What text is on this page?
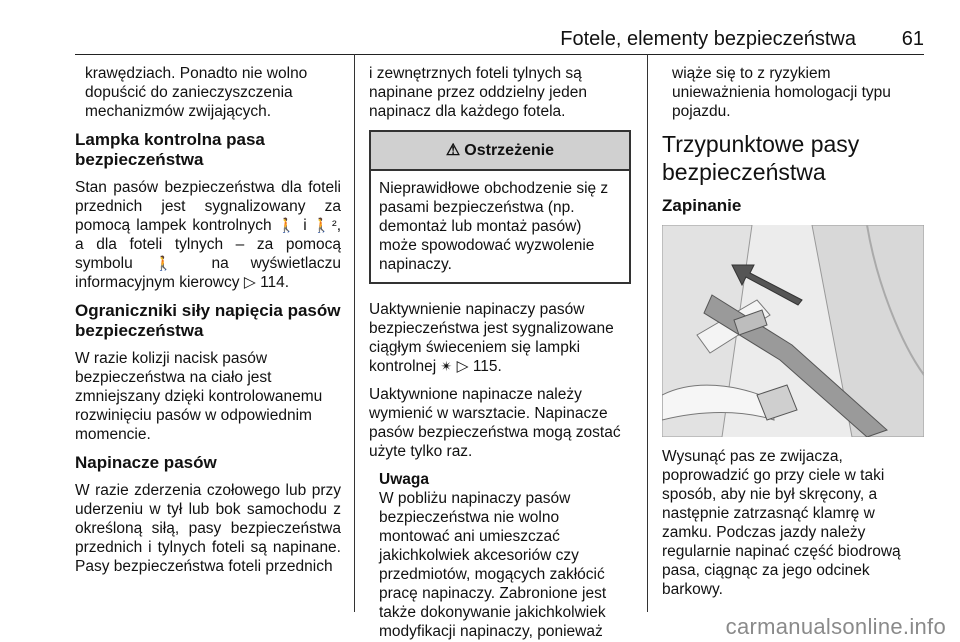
Fotele, elementy bezpieczeństwa 61

krawędziach. Ponadto nie wolno dopuścić do zanieczyszczenia mechanizmów zwijających.

Lampka kontrolna pasa bezpieczeństwa

Stan pasów bezpieczeństwa dla foteli przednich jest sygnalizowany za pomocą lampek kontrolnych 🚶 i 🚶², a dla foteli tylnych – za pomocą symbolu 🚶 na wyświetlaczu informacyjnym kierowcy ▷ 114.

Ograniczniki siły napięcia pasów bezpieczeństwa

W razie kolizji nacisk pasów bezpieczeństwa na ciało jest zmniejszany dzięki kontrolowanemu rozwinięciu pasów w odpowiednim momencie.

Napinacze pasów

W razie zderzenia czołowego lub przy uderzeniu w tył lub bok samochodu z określoną siłą, pasy bezpieczeństwa przednich i tylnych foteli są napinane. Pasy bezpieczeństwa foteli przednich

i zewnętrznych foteli tylnych są napinane przez oddzielny jeden napinacz dla każdego fotela.

⚠ Ostrzeżenie
Nieprawidłowe obchodzenie się z pasami bezpieczeństwa (np. demontaż lub montaż pasów) może spowodować wyzwolenie napinaczy.

Uaktywnienie napinaczy pasów bezpieczeństwa jest sygnalizowane ciągłym świeceniem się lampki kontrolnej ✴ ▷ 115.

Uaktywnione napinacze należy wymienić w warsztacie. Napinacze pasów bezpieczeństwa mogą zostać użyte tylko raz.

Uwaga
W pobliżu napinaczy pasów bezpieczeństwa nie wolno montować ani umieszczać jakichkolwiek akcesoriów czy przedmiotów, mogących zakłócić pracę napinaczy. Zabronione jest także dokonywanie jakichkolwiek modyfikacji napinaczy, ponieważ

wiąże się to z ryzykiem unieważnienia homologacji typu pojazdu.

Trzypunktowe pasy bezpieczeństwa
Zapinanie

Wysunąć pas ze zwijacza, poprowadzić go przy ciele w taki sposób, aby nie był skręcony, a następnie zatrzasnąć klamrę w zamku. Podczas jazdy należy regularnie napinać część biodrową pasa, ciągnąc za jego odcinek barkowy.

carmanualsonline.info
